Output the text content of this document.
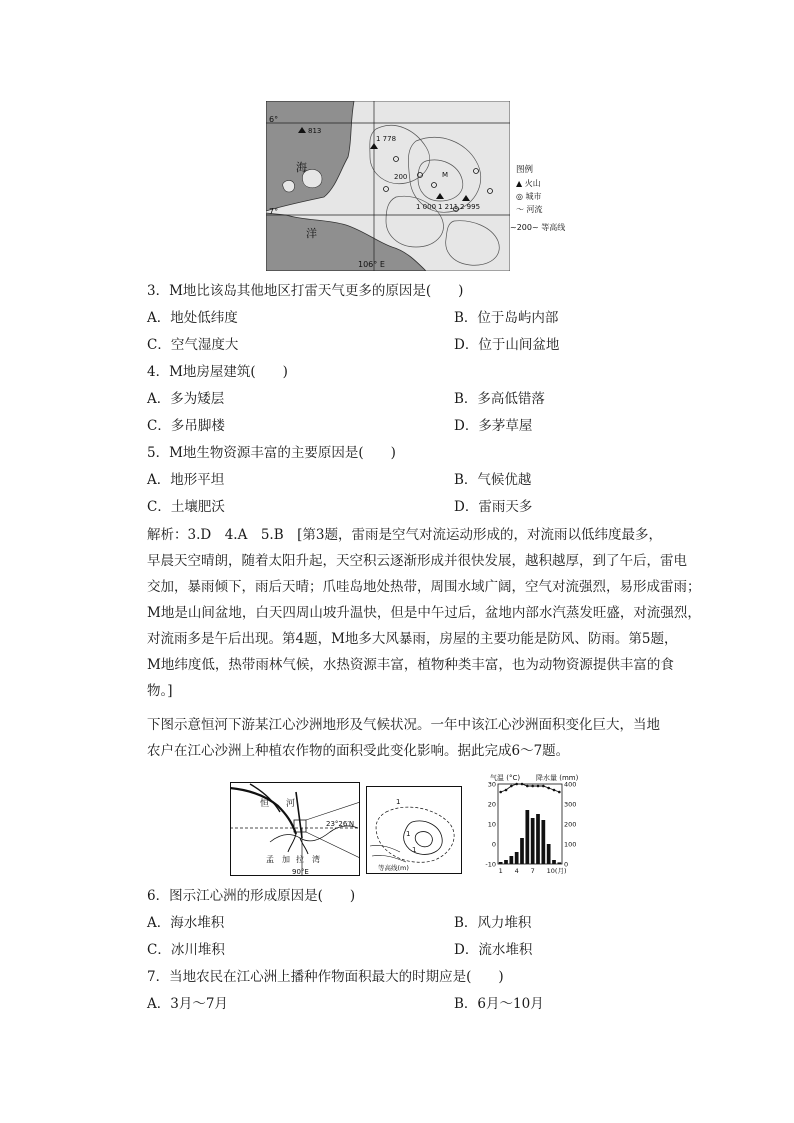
6°
7°
106° E
海
洋
813
1 778
200	M
1 000 1 211 2 995
图例
▲ 火山
◎ 城市
〜 河流
~200~ 等高线
3．M地比该岛其他地区打雷天气更多的原因是(　　)
A．地处低纬度	B．位于岛屿内部
C．空气湿度大	D．位于山间盆地
4．M地房屋建筑(　　)
A．多为矮层	B．多高低错落
C．多吊脚楼	D．多茅草屋
5．M地生物资源丰富的主要原因是(　　)
A．地形平坦	B．气候优越
C．土壤肥沃	D．雷雨天多
解析：3.D　4.A　5.B　[第3题，雷雨是空气对流运动形成的，对流雨以低纬度最多，
早晨天空晴朗，随着太阳升起，天空积云逐渐形成并很快发展，越积越厚，到了午后，雷电
交加，暴雨倾下，雨后天晴；爪哇岛地处热带，周围水域广阔，空气对流强烈，易形成雷雨；
M地是山间盆地，白天四周山坡升温快，但是中午过后，盆地内部水汽蒸发旺盛，对流强烈，
对流雨多是午后出现。第4题，M地多大风暴雨，房屋的主要功能是防风、防雨。第5题，
M地纬度低，热带雨林气候，水热资源丰富，植物种类丰富，也为动物资源提供丰富的食
物。]
下图示意恒河下游某江心沙洲地形及气候状况。一年中该江心沙洲面积变化巨大，当地
农户在江心沙洲上种植农作物的面积受此变化影响。据此完成6～7题。
恒 河
23°26′N
孟　加 拉　湾
90°E
1
1
1
等高线(m)
气温 (°C) 降水量 (mm)
30
20
10
0
-10
400
300
200
100
0
1 4 7 10(月)
6．图示江心洲的形成原因是(　　)
A．海水堆积	B．风力堆积
C．冰川堆积	D．流水堆积
7．当地农民在江心洲上播种作物面积最大的时期应是(　　)
A．3月～7月	B．6月～10月
